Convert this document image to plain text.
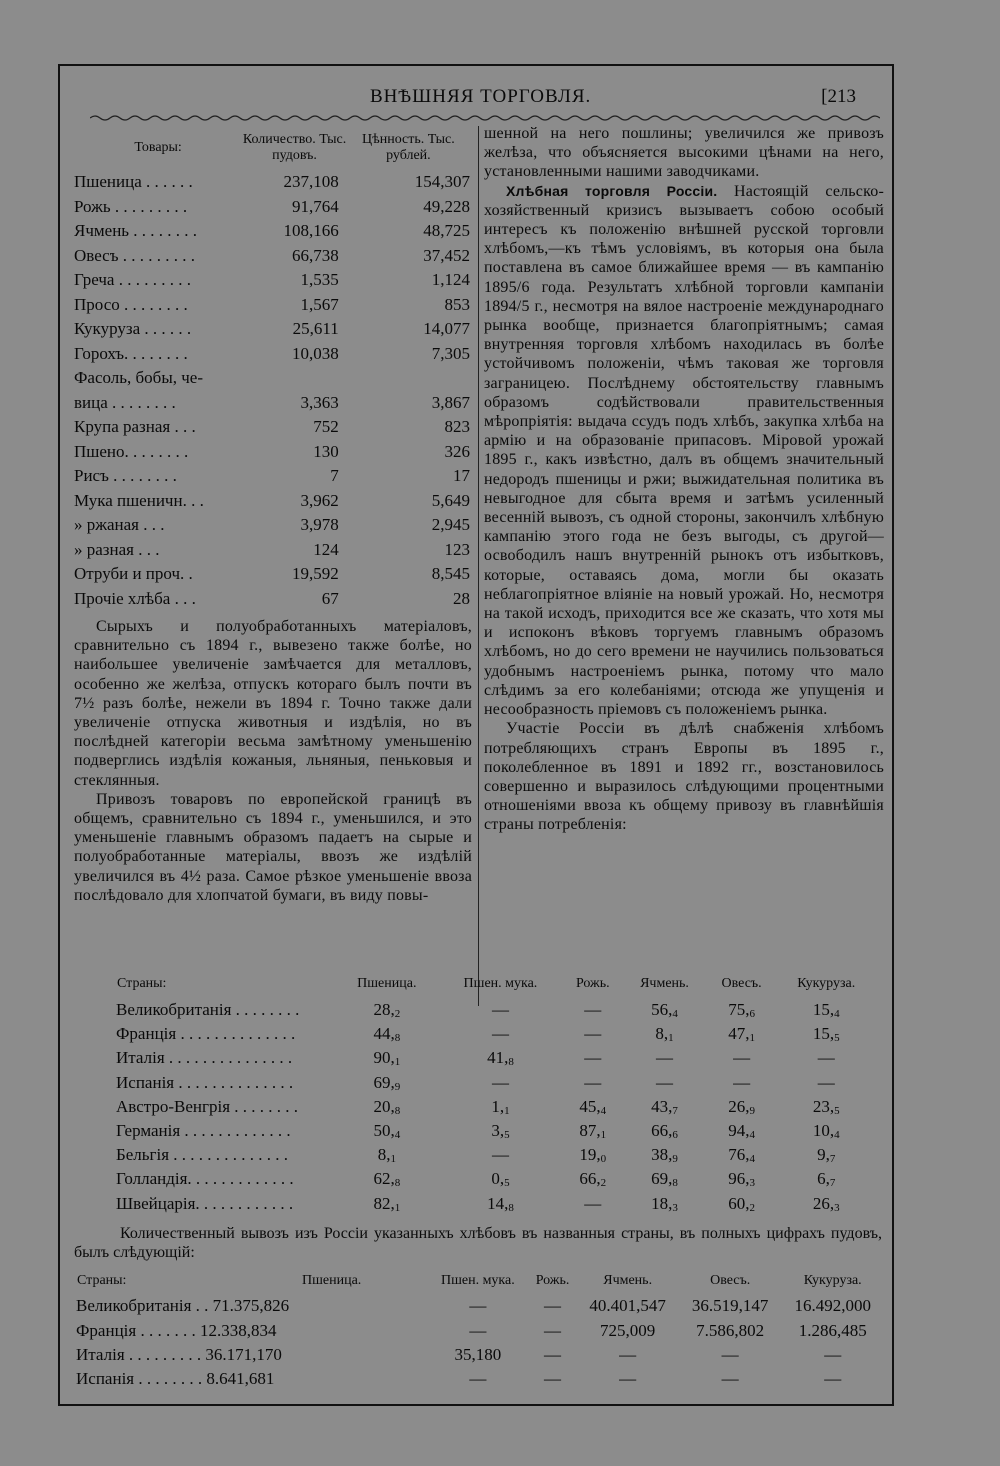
ВНѢШНЯЯ ТОРГОВЛЯ.	[213
Товары:	Количество. Тыс. пудовъ.	Цѣнность. Тыс. рублей.
Пшеница . . . . . .	237,108	154,307
Рожь . . . . . . . . .	91,764	49,228
Ячмень . . . . . . . .	108,166	48,725
Овесъ . . . . . . . . .	66,738	37,452
Греча . . . . . . . . .	1,535	1,124
Просо . . . . . . . .	1,567	853
Кукуруза . . . . . .	25,611	14,077
Горохъ. . . . . . . .	10,038	7,305
Фасоль, бобы, че-		
вица . . . . . . . .	3,363	3,867
Крупа разная . . .	752	823
Пшено. . . . . . . .	130	326
Рисъ . . . . . . . .	7	17
Мука пшеничн. . .	3,962	5,649
» ржаная . . .	3,978	2,945
» разная . . .	124	123
Отруби и проч. .	19,592	8,545
Прочiе хлѣба . . .	67	28

Сырыхъ и полуобработанныхъ матерiаловъ, сравнительно съ 1894 г., вывезено также болѣе, но наибольшее увеличенiе замѣчается для металловъ, особенно же желѣза, отпускъ котораго былъ почти въ 7½ разъ болѣе, нежели въ 1894 г. Точно также дали увеличенiе отпуска животныя и издѣлiя, но въ послѣдней категорiи весьма замѣтному уменьшенiю подверглись издѣлiя кожаныя, льняныя, пеньковыя и стеклянныя.

Привозъ товаровъ по европейской границѣ въ общемъ, сравнительно съ 1894 г., уменьшился, и это уменьшенiе главнымъ образомъ падаетъ на сырые и полуобработанные матерiалы, ввозъ же издѣлiй увеличился въ 4½ раза. Самое рѣзкое уменьшенiе ввоза послѣдовало для хлопчатой бумаги, въ виду повы-

шенной на него пошлины; увеличился же привозъ желѣза, что объясняется высокими цѣнами на него, установленными нашими заводчиками.

Хлѣбная торговля Россiи. Настоящiй сельско-хозяйственный кризисъ вызываетъ собою особый интересъ къ положенiю внѣшней русской торговли хлѣбомъ,—къ тѣмъ условiямъ, въ которыя она была поставлена въ самое ближайшее время — въ кампанiю 1895/6 года. Результатъ хлѣбной торговли кампанiи 1894/5 г., несмотря на вялое настроенiе международнаго рынка вообще, признается благопрiятнымъ; самая внутренняя торговля хлѣбомъ находилась въ болѣе устойчивомъ положенiи, чѣмъ таковая же торговля заграницею. Послѣднему обстоятельству главнымъ образомъ содѣйствовали правительственныя мѣропрiятiя: выдача ссудъ подъ хлѣбъ, закупка хлѣба на армiю и на образованiе припасовъ. Мiровой урожай 1895 г., какъ извѣстно, далъ въ общемъ значительный недородъ пшеницы и ржи; выжидательная политика въ невыгодное для сбыта время и затѣмъ усиленный весеннiй вывозъ, съ одной стороны, закончилъ хлѣбную кампанiю этого года не безъ выгоды, съ другой—освободилъ нашъ внутреннiй рынокъ отъ избытковъ, которые, оставаясь дома, могли бы оказать неблагопрiятное влiянiе на новый урожай. Но, несмотря на такой исходъ, приходится все же сказать, что хотя мы и испоконъ вѣковъ торгуемъ главнымъ образомъ хлѣбомъ, но до сего времени не научились пользоваться удобнымъ настроенiемъ рынка, потому что мало слѣдимъ за его колебанiями; отсюда же упущенiя и несообразность прiемовъ съ положенiемъ рынка.

Участiе Россiи въ дѣлѣ снабженiя хлѣбомъ потребляющихъ странъ Европы въ 1895 г., поколебленное въ 1891 и 1892 гг., возстановилось совершенно и выразилось слѣдующими процентными отношенiями ввоза къ общему привозу въ главнѣйшiя страны потребленiя:

Страны:	Пшеница.	Пшен. мука.	Рожь.	Ячмень.	Овесъ.	Кукуруза.
Великобританiя . . . . . . . .	28,2	—	—	56,4	75,6	15,4
Францiя . . . . . . . . . . . . . .	44,8	—	—	8,1	47,1	15,5
Италiя . . . . . . . . . . . . . . .	90,1	41,8	—	—	—	—
Испанiя . . . . . . . . . . . . . .	69,9	—	—	—	—	—
Австро-Венгрiя . . . . . . . .	20,8	1,1	45,4	43,7	26,9	23,5
Германiя . . . . . . . . . . . . .	50,4	3,5	87,1	66,6	94,4	10,4
Бельгiя . . . . . . . . . . . . . .	8,1	—	19,0	38,9	76,4	9,7
Голландiя. . . . . . . . . . . . .	62,8	0,5	66,2	69,8	96,3	6,7
Швейцарiя. . . . . . . . . . . .	82,1	14,8	—	18,3	60,2	26,3

Количественный вывозъ изъ Россiи указанныхъ хлѣбовъ въ названныя страны, въ полныхъ цифрахъ пудовъ, былъ слѣдующiй:

Страны:	Пшеница.	Пшен. мука.	Рожь.	Ячмень.	Овесъ.	Кукуруза.
Великобританiя . . 71.375,826		—	—	40.401,547	36.519,147	16.492,000
Францiя . . . . . . . 12.338,834		—	—	725,009	7.586,802	1.286,485
Италiя . . . . . . . . . 36.171,170		35,180	—	—	—	—
Испанiя . . . . . . . . 8.641,681		—	—	—	—	—
